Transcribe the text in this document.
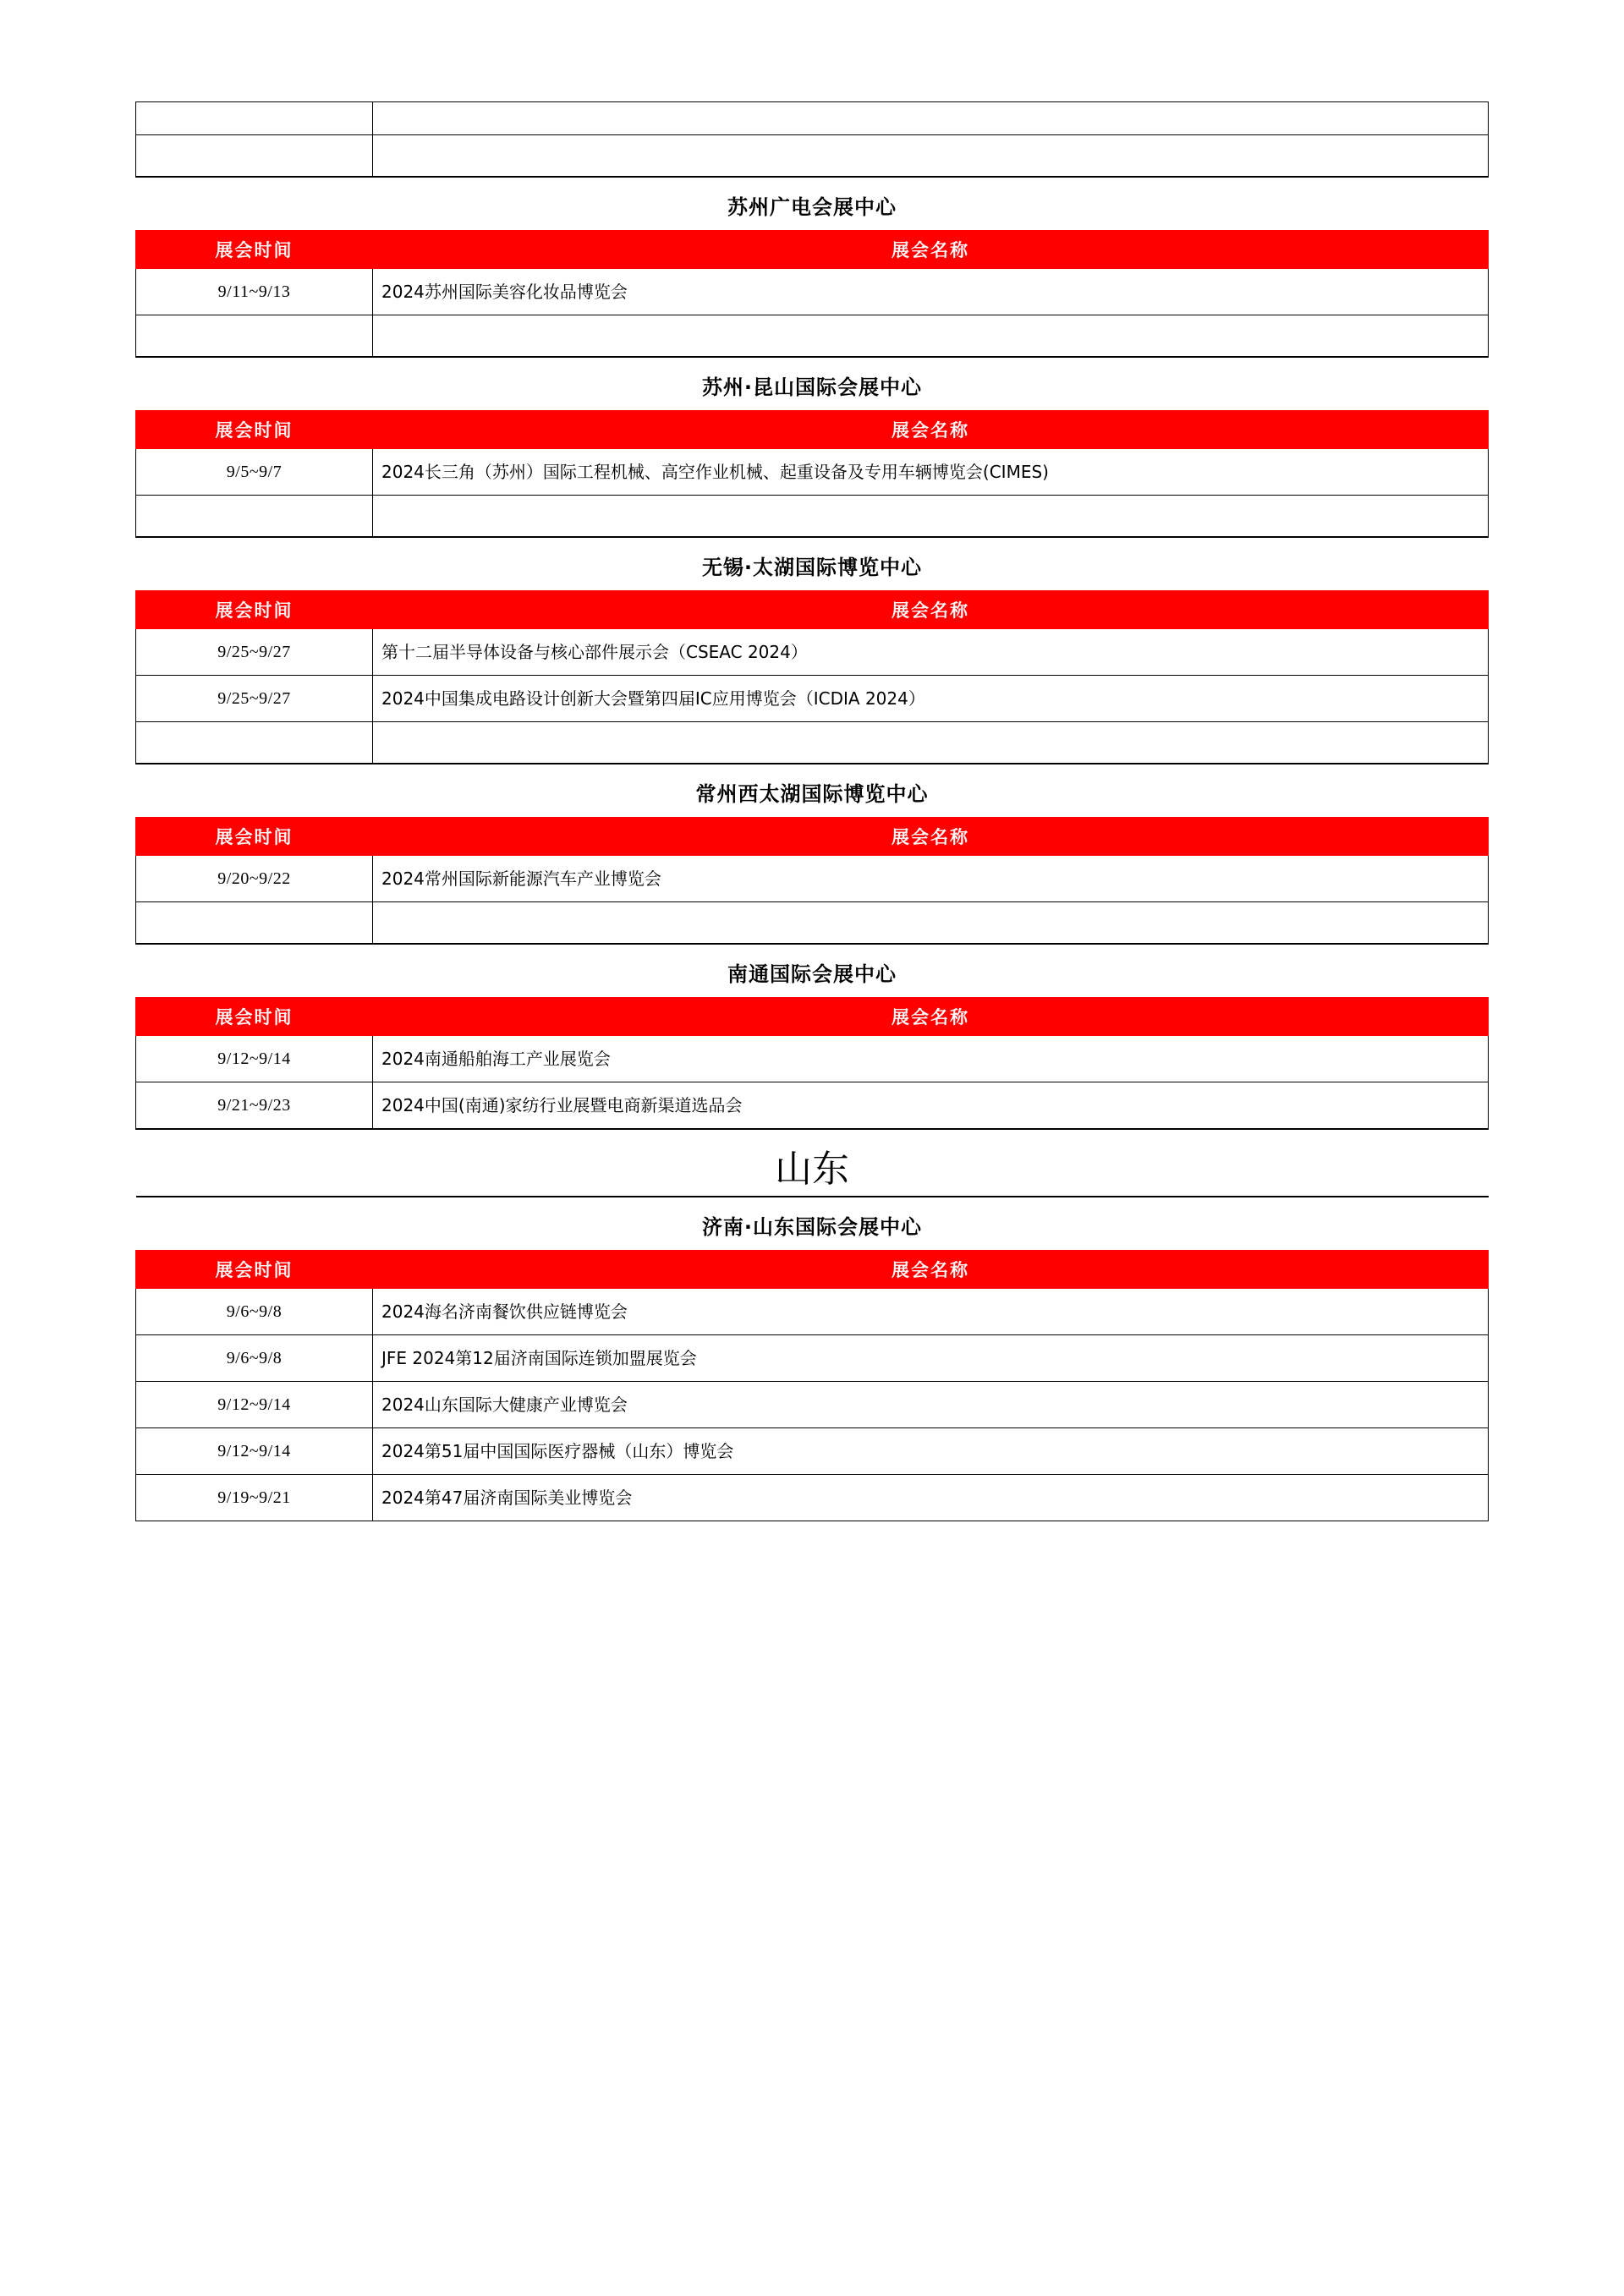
苏州广电会展中心	
展会时间	展会名称
9/11~9/13	2024苏州国际美容化妆品博览会

苏州·昆山国际会展中心	
展会时间	展会名称
9/5~9/7	2024长三角（苏州）国际工程机械、高空作业机械、起重设备及专用车辆博览会(CIMES)

无锡·太湖国际博览中心	
展会时间	展会名称
9/25~9/27	第十二届半导体设备与核心部件展示会（CSEAC 2024）
9/25~9/27	2024中国集成电路设计创新大会暨第四届IC应用博览会（ICDIA 2024）

常州西太湖国际博览中心	
展会时间	展会名称
9/20~9/22	2024常州国际新能源汽车产业博览会

南通国际会展中心	
展会时间	展会名称
9/12~9/14	2024南通船舶海工产业展览会
9/21~9/23	2024中国(南通)家纺行业展暨电商新渠道选品会
山东	
济南·山东国际会展中心	
展会时间	展会名称
9/6~9/8	2024海名济南餐饮供应链博览会
9/6~9/8	JFE 2024第12届济南国际连锁加盟展览会
9/12~9/14	2024山东国际大健康产业博览会
9/12~9/14	2024第51届中国国际医疗器械（山东）博览会
9/19~9/21	2024第47届济南国际美业博览会
